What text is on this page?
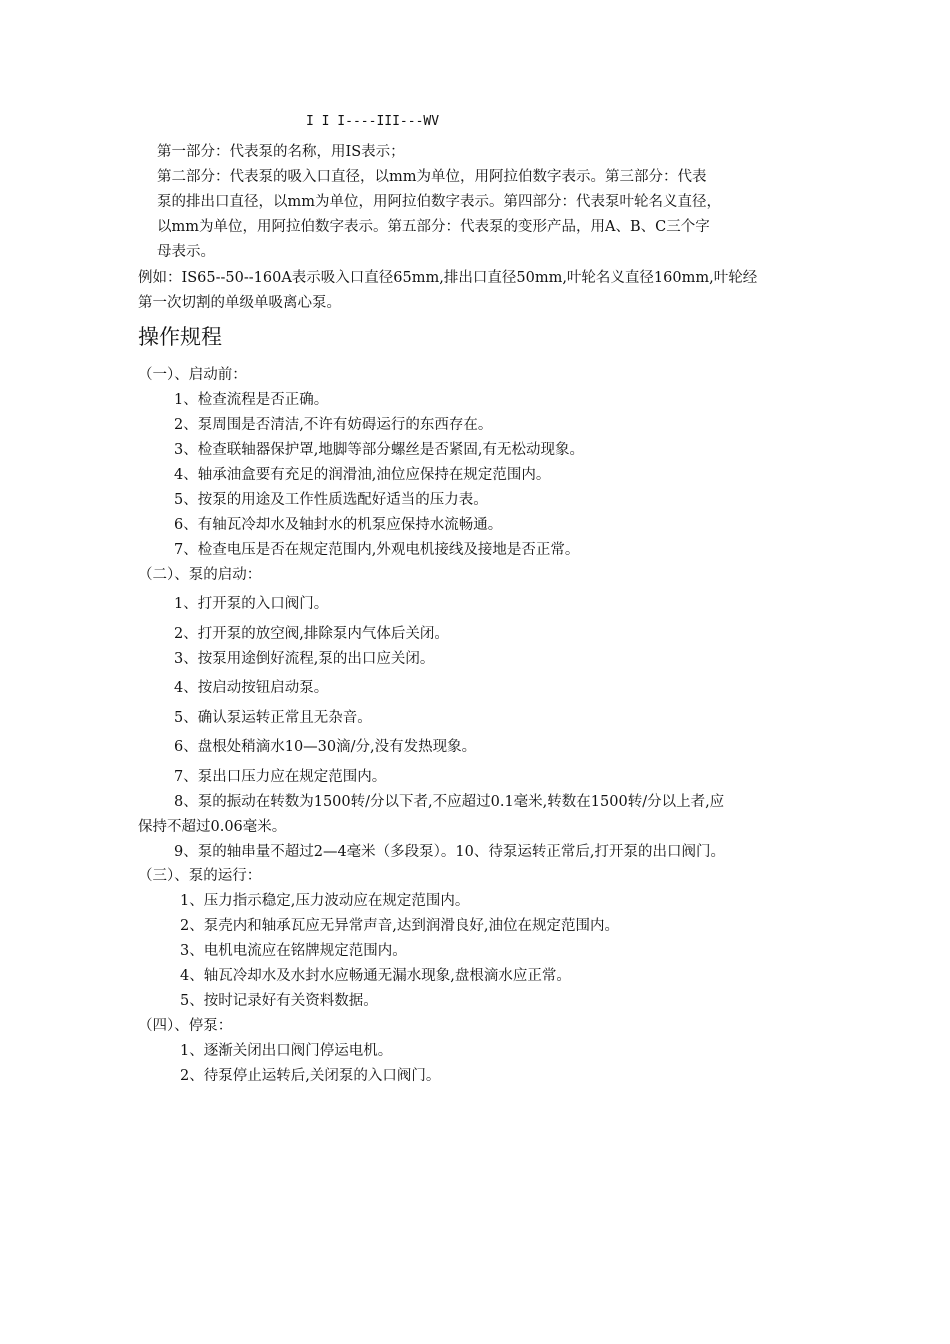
I I I----III---WV
第一部分：代表泵的名称，用IS表示；
第二部分：代表泵的吸入口直径，以mm为单位，用阿拉伯数字表示。第三部分：代表
泵的排出口直径，以mm为单位，用阿拉伯数字表示。第四部分：代表泵叶轮名义直径，
以mm为单位，用阿拉伯数字表示。第五部分：代表泵的变形产品，用A、B、C三个字
母表示。
例如：IS65--50--160A表示吸入口直径65mm,排出口直径50mm,叶轮名义直径160mm,叶轮经
第一次切割的单级单吸离心泵。
操作规程
（一）、启动前：
1、检查流程是否正确。
2、泵周围是否清洁,不许有妨碍运行的东西存在。
3、检查联轴器保护罩,地脚等部分螺丝是否紧固,有无松动现象。
4、轴承油盒要有充足的润滑油,油位应保持在规定范围内。
5、按泵的用途及工作性质选配好适当的压力表。
6、有轴瓦冷却水及轴封水的机泵应保持水流畅通。
7、检查电压是否在规定范围内,外观电机接线及接地是否正常。
（二）、泵的启动：
1、打开泵的入口阀门。
2、打开泵的放空阀,排除泵内气体后关闭。
3、按泵用途倒好流程,泵的出口应关闭。
4、按启动按钮启动泵。
5、确认泵运转正常且无杂音。
6、盘根处稍滴水10—30滴/分,没有发热现象。
7、泵出口压力应在规定范围内。
8、泵的振动在转数为1500转/分以下者,不应超过0.1毫米,转数在1500转/分以上者,应
保持不超过0.06毫米。
9、泵的轴串量不超过2—4毫米（多段泵）。10、待泵运转正常后,打开泵的出口阀门。
（三）、泵的运行：
1、压力指示稳定,压力波动应在规定范围内。
2、泵壳内和轴承瓦应无异常声音,达到润滑良好,油位在规定范围内。
3、电机电流应在铭牌规定范围内。
4、轴瓦冷却水及水封水应畅通无漏水现象,盘根滴水应正常。
5、按时记录好有关资料数据。
（四）、停泵：
1、逐渐关闭出口阀门停运电机。
2、待泵停止运转后,关闭泵的入口阀门。
